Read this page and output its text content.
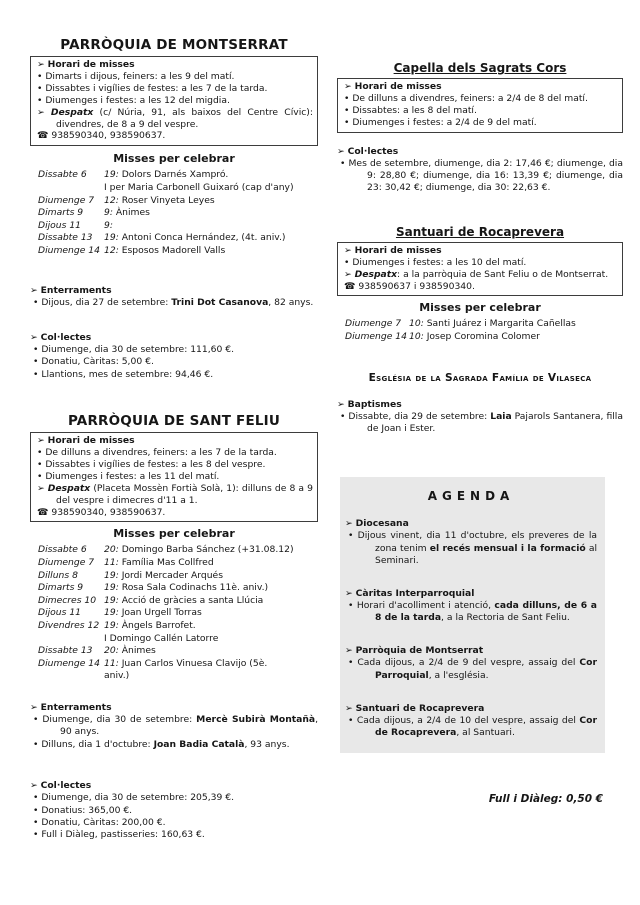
PARRÒQUIA DE MONTSERRAT
➢ Horari de misses
• Dimarts i dijous, feiners: a les 9 del matí.
• Dissabtes i vigílies de festes: a les 7 de la tarda.
• Diumenges i festes: a les 12 del migdia.
➢ Despatx (c/ Núria, 91, als baixos del Centre Cívic): divendres, de 8 a 9 del vespre.
☎ 938590340, 938590637.
Misses per celebrar
Dissabte 6	19: Dolors Darnés Xampró.
I per Maria Carbonell Guixaró (cap d'any)
Diumenge 7	12: Roser Vinyeta Leyes
Dimarts 9	9: Ànimes
Dijous 11	9:
Dissabte 13	19: Antoni Conca Hernández, (4t. aniv.)
Diumenge 14 12: Esposos Madorell Valls
➢ Enterraments
• Dijous, dia 27 de setembre: Trini Dot Casanova, 82 anys.
➢ Col·lectes
• Diumenge, dia 30 de setembre: 111,60 €.
• Donatiu, Càritas: 5,00 €.
• Llantions, mes de setembre: 94,46 €.
PARRÒQUIA DE SANT FELIU
➢ Horari de misses
• De dilluns a divendres, feiners: a les 7 de la tarda.
• Dissabtes i vigílies de festes: a les 8 del vespre.
• Diumenges i festes: a les 11 del matí.
➢ Despatx (Placeta Mossèn Fortià Solà, 1): dilluns de 8 a 9 del vespre i dimecres d'11 a 1.
☎ 938590340, 938590637.
Misses per celebrar
Dissabte 6	20: Domingo Barba Sánchez (+31.08.12)
Diumenge 7	11: Família Mas Collfred
Dilluns 8	19: Jordi Mercader Arqués
Dimarts 9	19: Rosa Sala Codinachs 11è. aniv.)
Dimecres 10 19: Acció de gràcies a santa Llúcia
Dijous 11	19: Joan Urgell Torras
Divendres 12 19: Àngels Barrofet.
I Domingo Callén Latorre
Dissabte 13	20: Ànimes
Diumenge 14 11: Juan Carlos Vinuesa Clavijo (5è.
aniv.)
➢ Enterraments
• Diumenge, dia 30 de setembre: Mercè Subirà Montañà, 90 anys.
• Dilluns, dia 1 d'octubre: Joan Badia Català, 93 anys.
➢ Col·lectes
• Diumenge, dia 30 de setembre: 205,39 €.
• Donatius: 365,00 €.
• Donatiu, Càritas: 200,00 €.
• Full i Diàleg, pastisseries: 160,63 €.
Capella dels Sagrats Cors
➢ Horari de misses
• De dilluns a divendres, feiners: a 2/4 de 8 del matí.
• Dissabtes: a les 8 del matí.
• Diumenges i festes: a 2/4 de 9 del matí.
➢ Col·lectes
• Mes de setembre, diumenge, dia 2: 17,46 €; diumenge, dia 9: 28,80 €; diumenge, dia 16: 13,39 €; diumenge, dia 23: 30,42 €; diumenge, dia 30: 22,63 €.
Santuari de Rocaprevera
➢ Horari de misses
• Diumenges i festes: a les 10 del matí.
➢ Despatx: a la parròquia de Sant Feliu o de Montserrat.
☎ 938590637 i 938590340.
Misses per celebrar
Diumenge 7 10: Santi Juárez i Margarita Cañellas
Diumenge 14 10: Josep Coromina Colomer
Església de la Sagrada Família de Vilaseca
➢ Baptismes
• Dissabte, dia 29 de setembre: Laia Pajarols Santanera, filla de Joan i Ester.
AGENDA
➢ Diocesana
• Dijous vinent, dia 11 d'octubre, els preveres de la zona tenim el recés mensual i la formació al Seminari.
➢ Càritas Interparroquial
• Horari d'acolliment i atenció, cada dilluns, de 6 a 8 de la tarda, a la Rectoria de Sant Feliu.
➢ Parròquia de Montserrat
• Cada dijous, a 2/4 de 9 del vespre, assaig del Cor Parroquial, a l'església.
➢ Santuari de Rocaprevera
• Cada dijous, a 2/4 de 10 del vespre, assaig del Cor de Rocaprevera, al Santuari.
Full i Diàleg: 0,50 €
